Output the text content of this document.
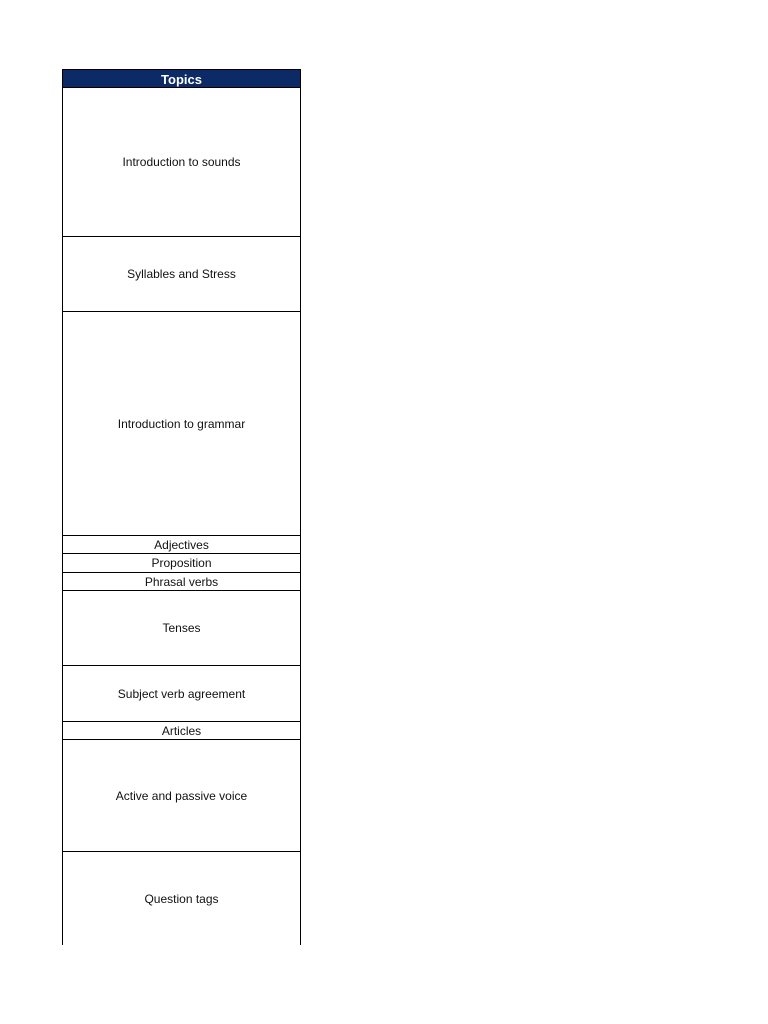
Topics
Introduction to sounds
Syllables and Stress
Introduction to grammar
Adjectives
Proposition
Phrasal verbs
Tenses
Subject verb agreement
Articles
Active and passive voice
Question tags
